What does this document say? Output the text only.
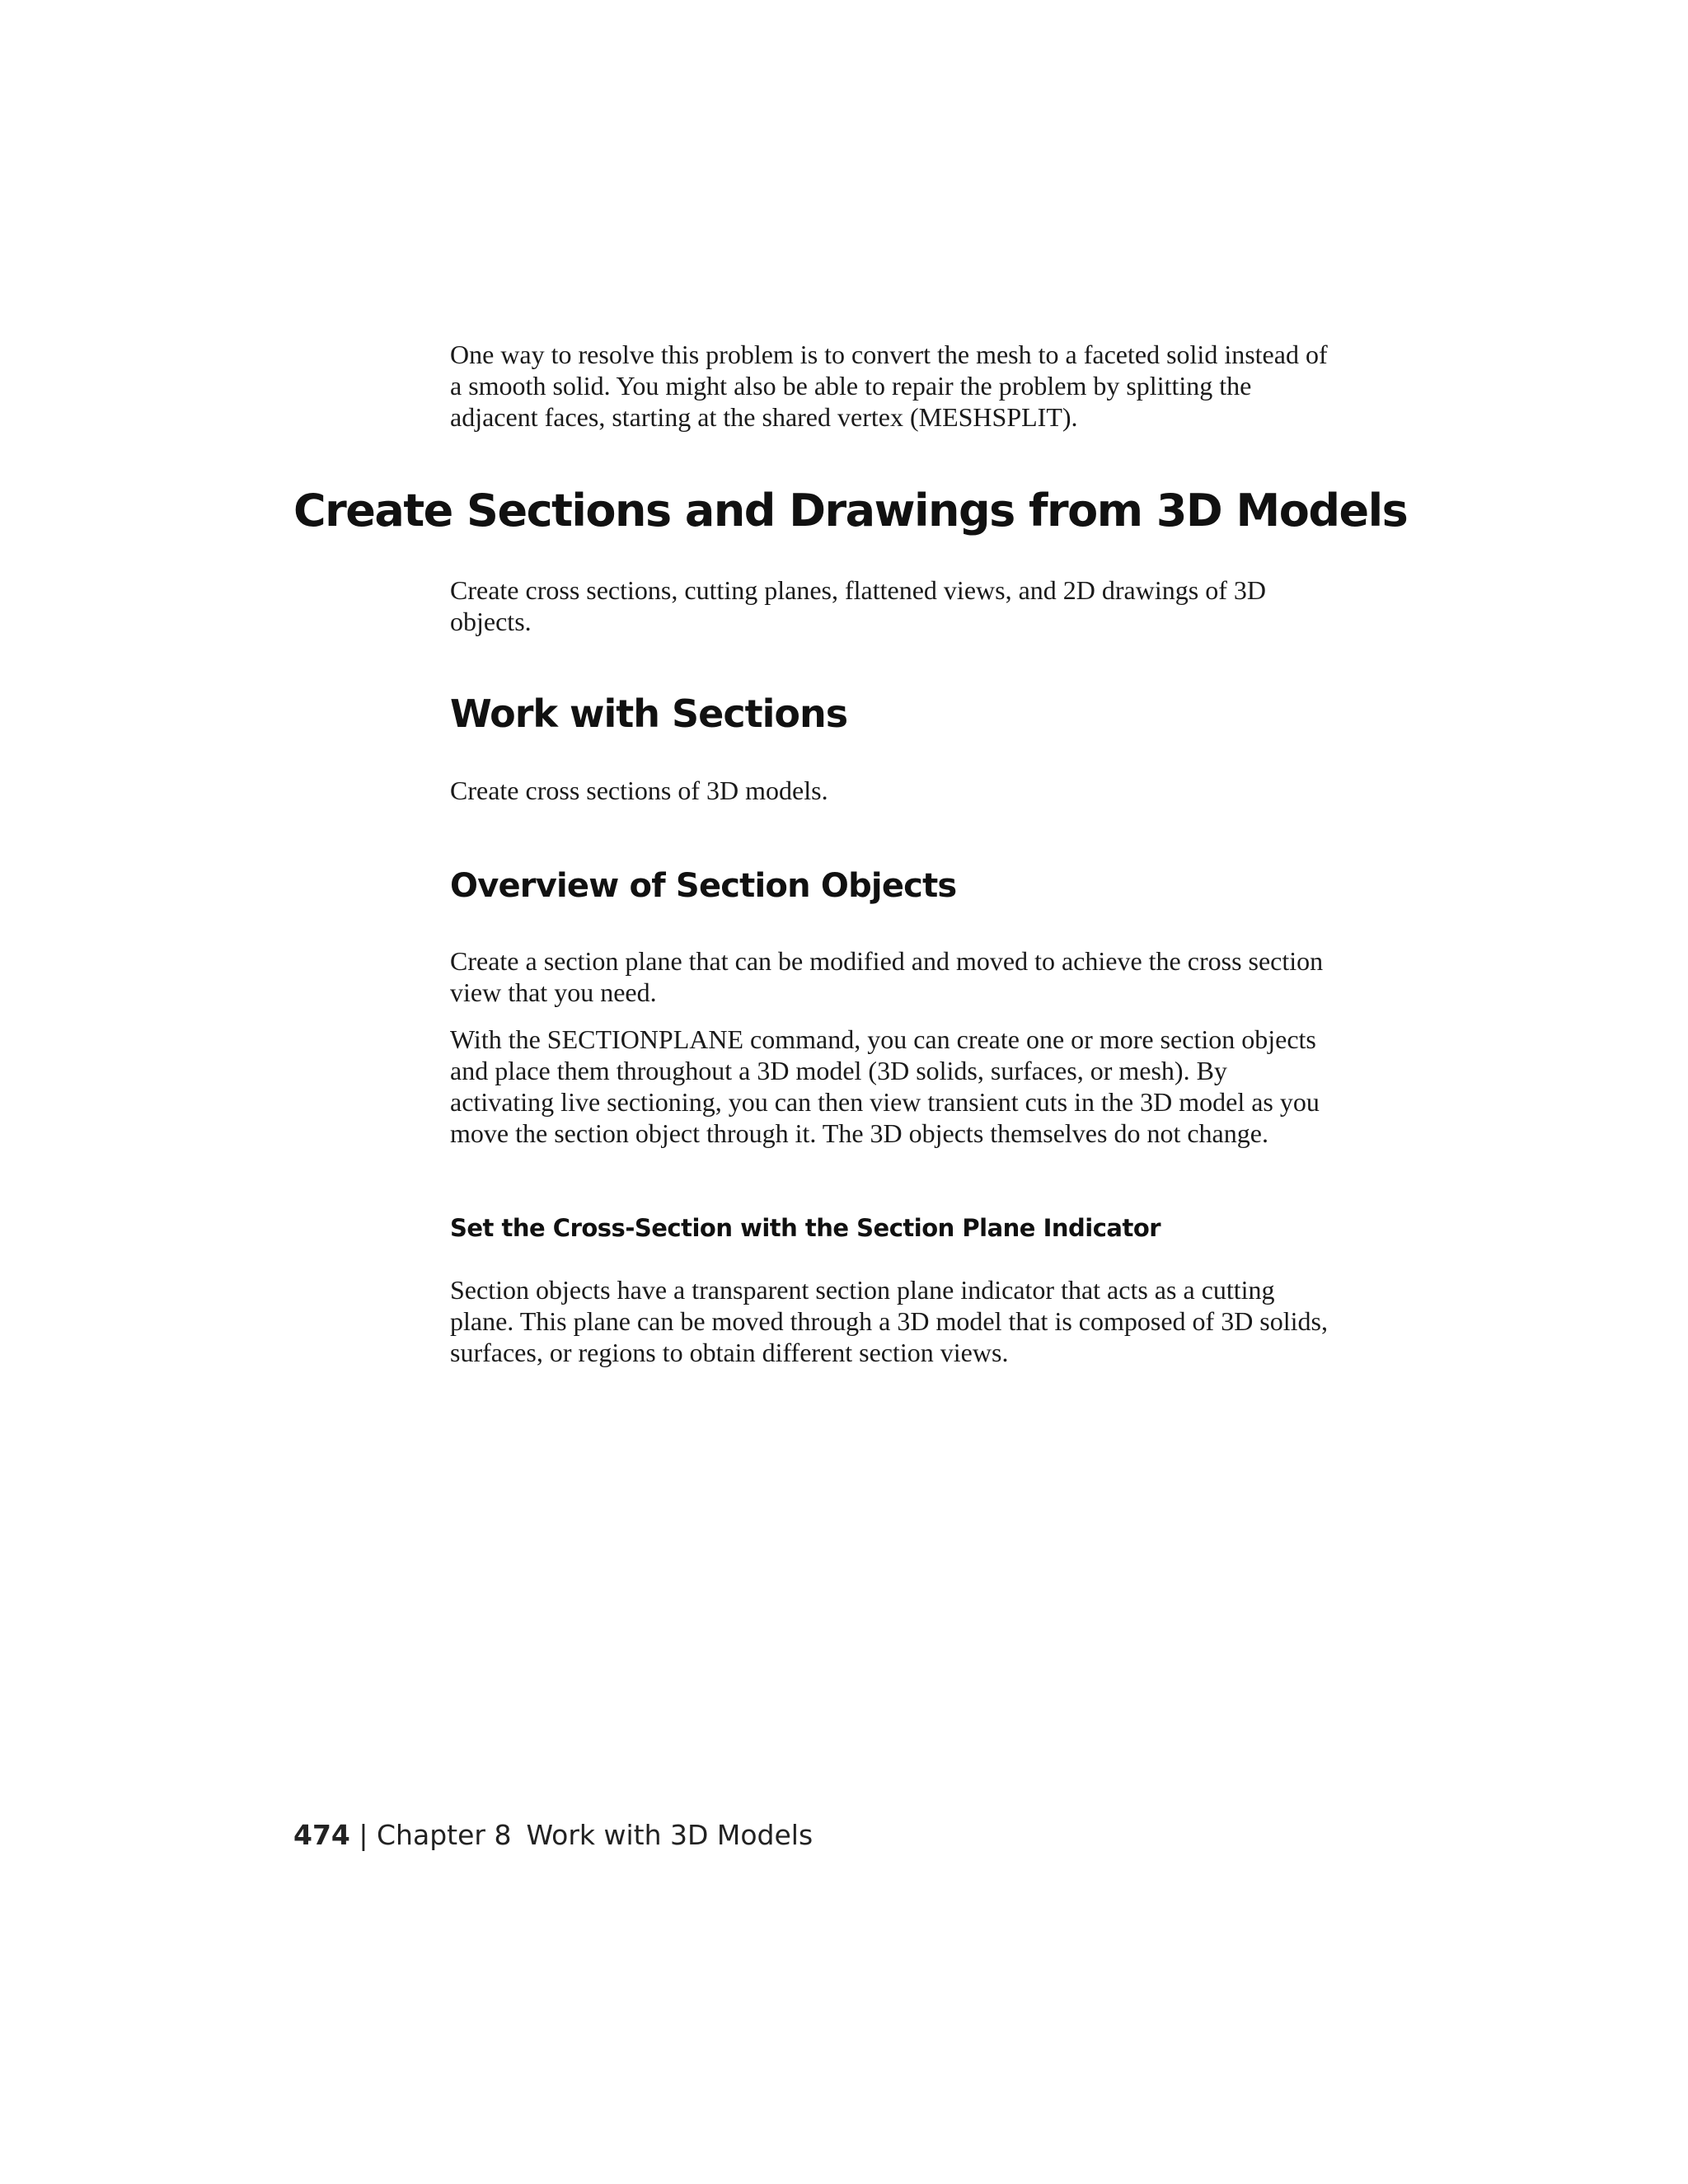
One way to resolve this problem is to convert the mesh to a faceted solid instead of a smooth solid. You might also be able to repair the problem by splitting the adjacent faces, starting at the shared vertex (MESHSPLIT).

Create Sections and Drawings from 3D Models

Create cross sections, cutting planes, flattened views, and 2D drawings of 3D objects.

Work with Sections

Create cross sections of 3D models.

Overview of Section Objects

Create a section plane that can be modified and moved to achieve the cross section view that you need.

With the SECTIONPLANE command, you can create one or more section objects and place them throughout a 3D model (3D solids, surfaces, or mesh). By activating live sectioning, you can then view transient cuts in the 3D model as you move the section object through it. The 3D objects themselves do not change.

Set the Cross-Section with the Section Plane Indicator

Section objects have a transparent section plane indicator that acts as a cutting plane. This plane can be moved through a 3D model that is composed of 3D solids, surfaces, or regions to obtain different section views.

474 | Chapter 8 Work with 3D Models
